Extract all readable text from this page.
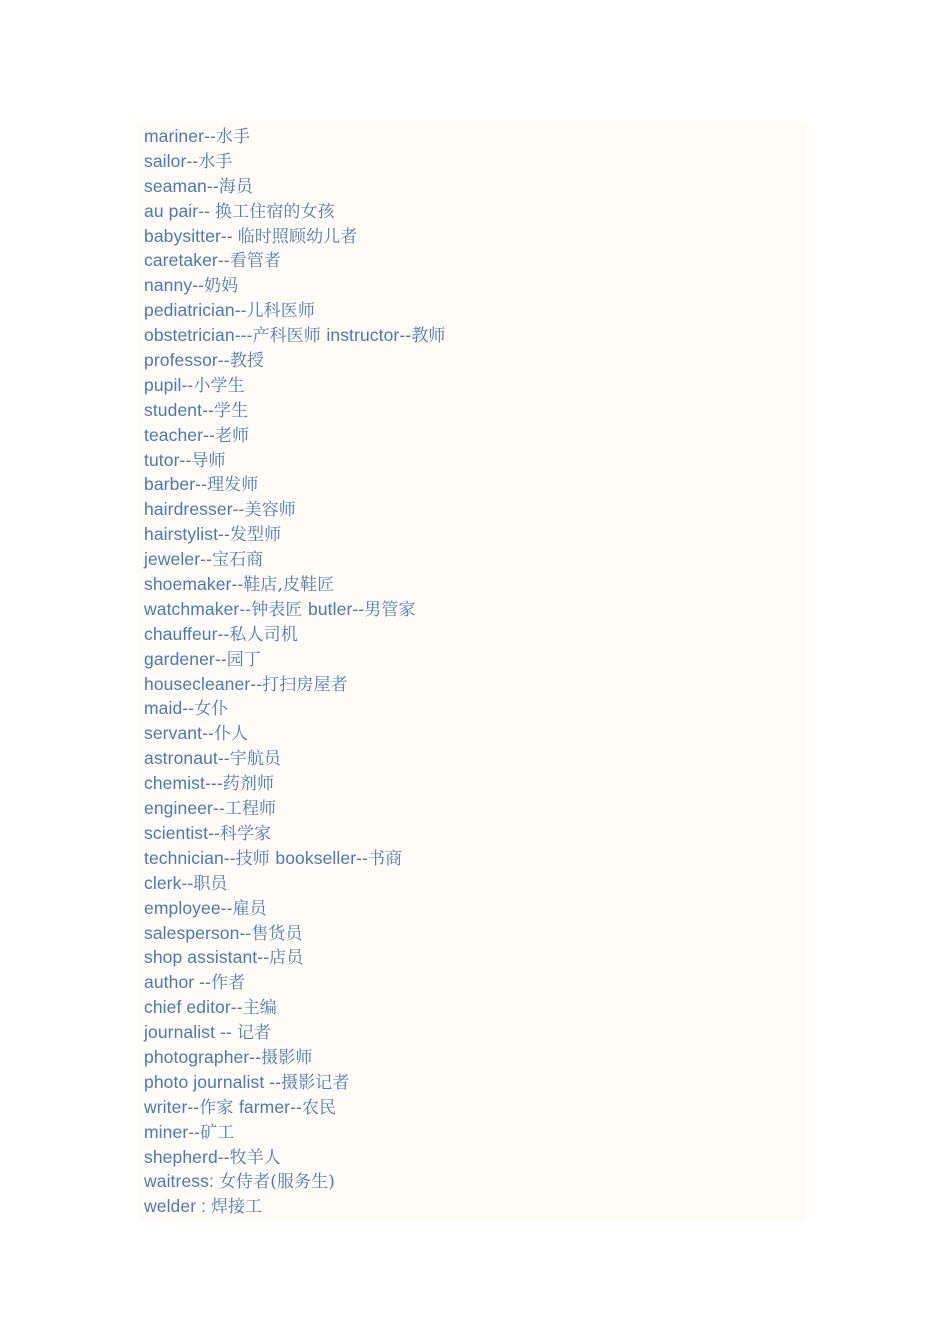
mariner--水手
sailor--水手
seaman--海员
au pair-- 换工住宿的女孩
babysitter-- 临时照顾幼儿者
caretaker--看管者
nanny--奶妈
pediatrician--儿科医师
obstetrician---产科医师 instructor--教师
professor--教授
pupil--小学生
student--学生
teacher--老师
tutor--导师
barber--理发师
hairdresser--美容师
hairstylist--发型师
jeweler--宝石商
shoemaker--鞋店,皮鞋匠
watchmaker--钟表匠 butler--男管家
chauffeur--私人司机
gardener--园丁
housecleaner--打扫房屋者
maid--女仆
servant--仆人
astronaut--宇航员
chemist---药剂师
engineer--工程师
scientist--科学家
technician--技师 bookseller--书商
clerk--职员
employee--雇员
salesperson--售货员
shop assistant--店员
author --作者
chief editor--主编
journalist -- 记者
photographer--摄影师
photo journalist --摄影记者
writer--作家 farmer--农民
miner--矿工
shepherd--牧羊人
waitress: 女侍者(服务生)
welder : 焊接工
